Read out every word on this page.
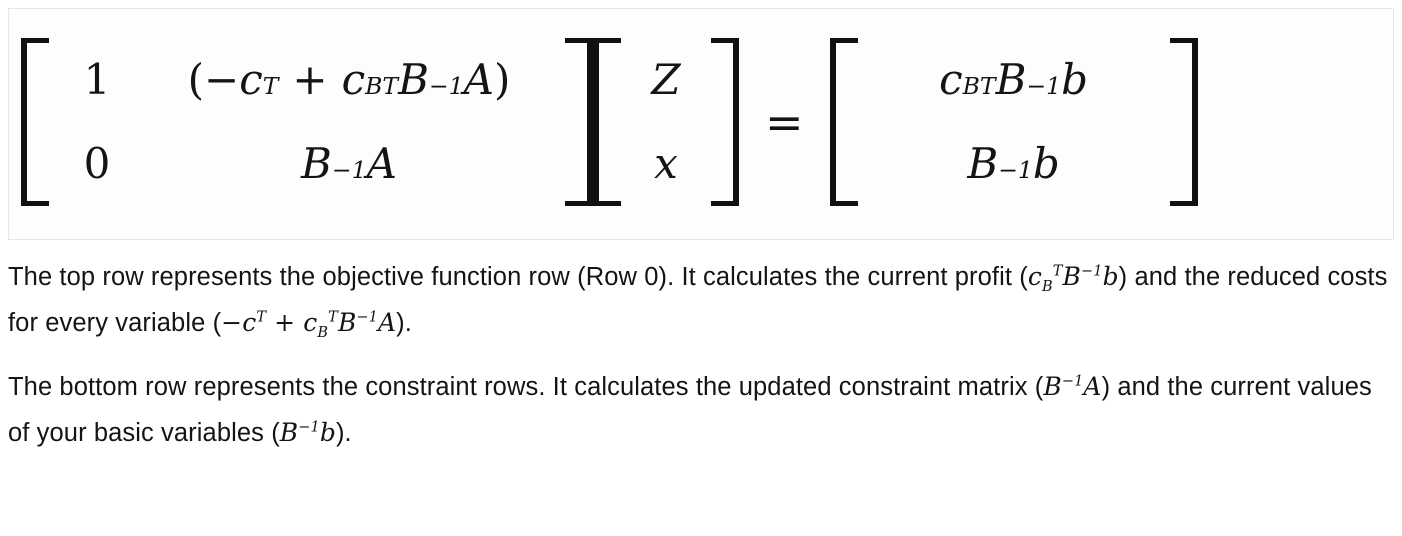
1	( − c T + c B T B −1 A )
0	B −1 A
Z
x
=
c B T B −1 b
B −1 b

The top row represents the objective function row (Row 0). It calculates the current profit $(c_B^TB^{-1}b)$ and the reduced costs for every variable $(-c^T + c_B^TB^{-1}A)$.

The bottom row represents the constraint rows. It calculates the updated constraint matrix $(B^{-1}A)$ and the current values of your basic variables $(B^{-1}b)$.
